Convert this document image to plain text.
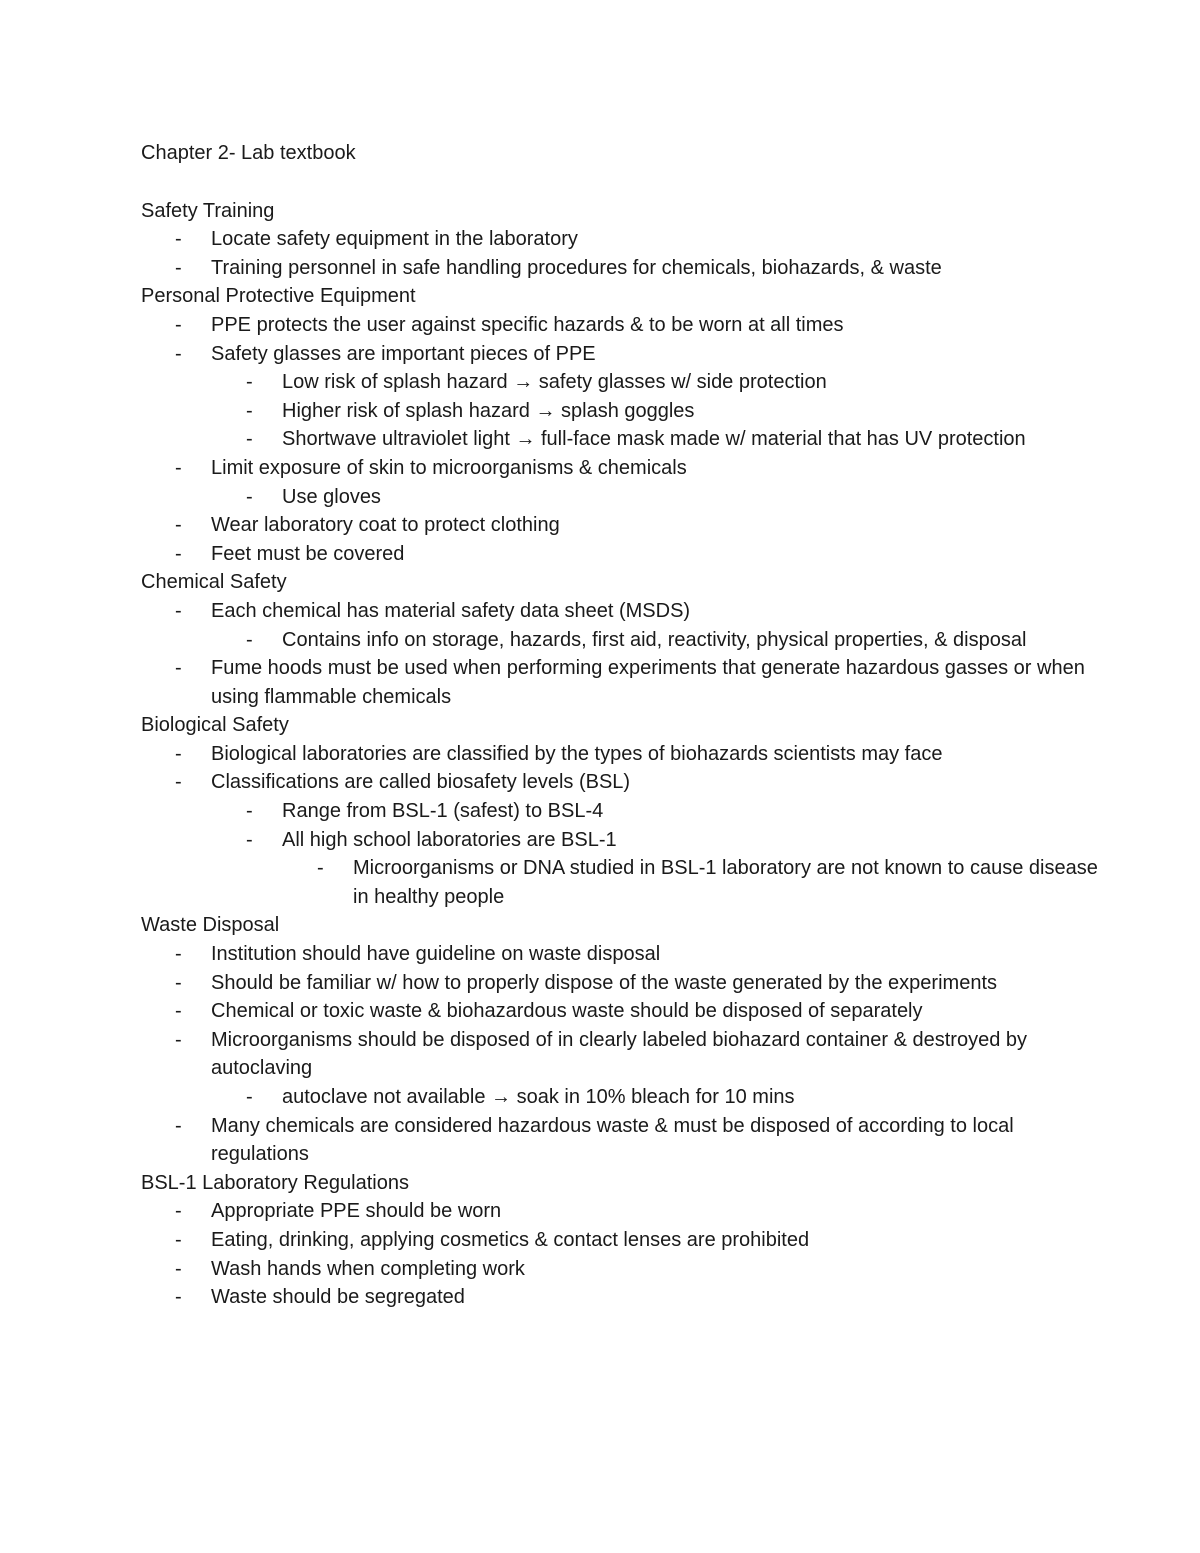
Chapter 2- Lab textbook
Safety Training
- Locate safety equipment in the laboratory
- Training personnel in safe handling procedures for chemicals, biohazards, & waste
Personal Protective Equipment
- PPE protects the user against specific hazards & to be worn at all times
- Safety glasses are important pieces of PPE
- Low risk of splash hazard → safety glasses w/ side protection
- Higher risk of splash hazard → splash goggles
- Shortwave ultraviolet light → full-face mask made w/ material that has UV protection
- Limit exposure of skin to microorganisms & chemicals
- Use gloves
- Wear laboratory coat to protect clothing
- Feet must be covered
Chemical Safety
- Each chemical has material safety data sheet (MSDS)
- Contains info on storage, hazards, first aid, reactivity, physical properties, & disposal
- Fume hoods must be used when performing experiments that generate hazardous gasses or when using flammable chemicals
Biological Safety
- Biological laboratories are classified by the types of biohazards scientists may face
- Classifications are called biosafety levels (BSL)
- Range from BSL-1 (safest) to BSL-4
- All high school laboratories are BSL-1
- Microorganisms or DNA studied in BSL-1 laboratory are not known to cause disease in healthy people
Waste Disposal
- Institution should have guideline on waste disposal
- Should be familiar w/ how to properly dispose of the waste generated by the experiments
- Chemical or toxic waste & biohazardous waste should be disposed of separately
- Microorganisms should be disposed of in clearly labeled biohazard container & destroyed by autoclaving
- autoclave not available → soak in 10% bleach for 10 mins
- Many chemicals are considered hazardous waste & must be disposed of according to local regulations
BSL-1 Laboratory Regulations
- Appropriate PPE should be worn
- Eating, drinking, applying cosmetics & contact lenses are prohibited
- Wash hands when completing work
- Waste should be segregated
